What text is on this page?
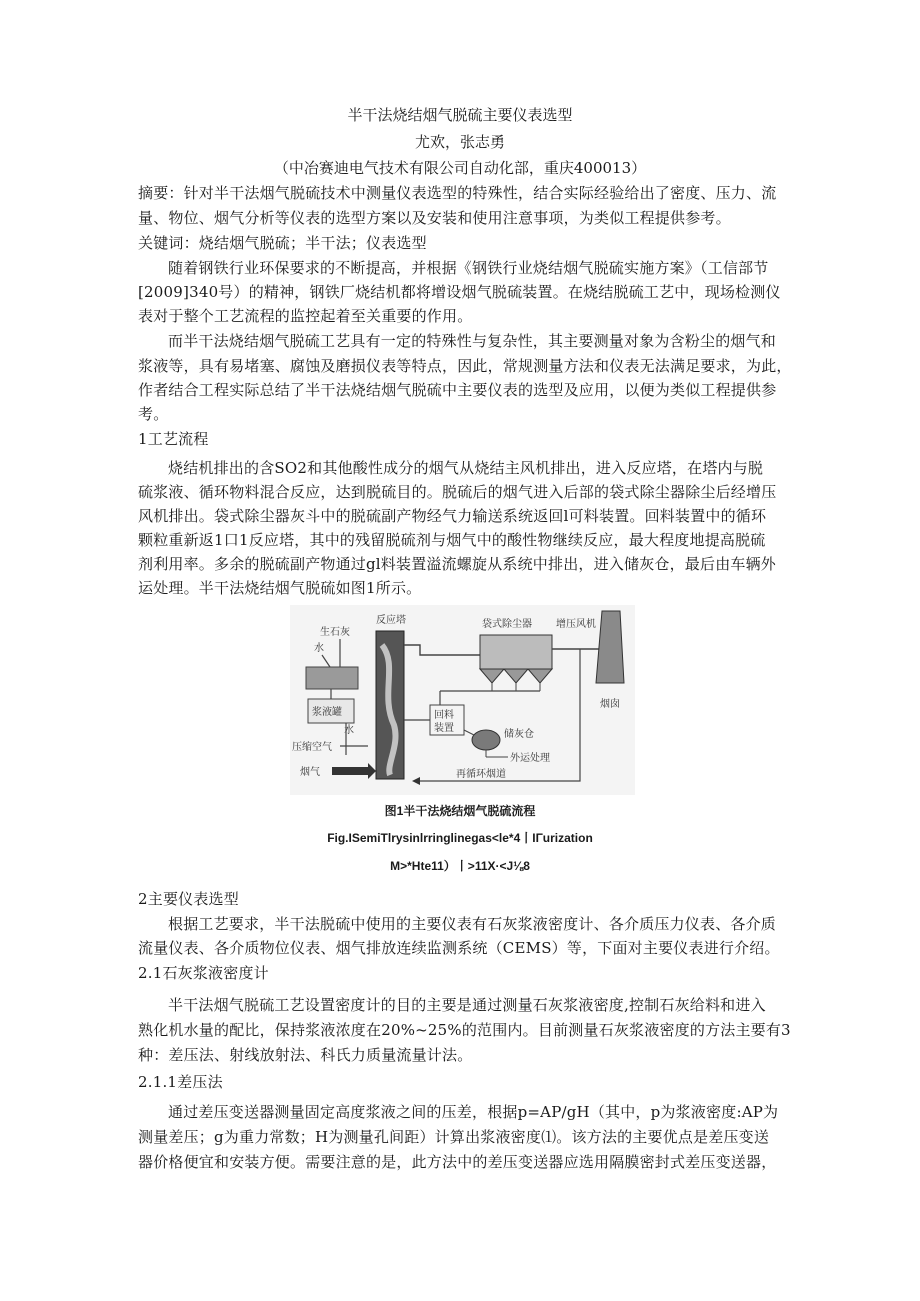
半干法烧结烟气脱硫主要仪表选型
尤欢，张志勇
（中冶赛迪电气技术有限公司自动化部，重庆400013）
摘要：针对半干法烟气脱硫技术中测量仪表选型的特殊性，结合实际经验给出了密度、压力、流
量、物位、烟气分析等仪表的选型方案以及安装和使用注意事项，为类似工程提供参考。
关键词：烧结烟气脱硫；半干法；仪表选型
随着钢铁行业环保要求的不断提高，并根据《钢铁行业烧结烟气脱硫实施方案》（工信部节
[2009]340号）的精神，钢铁厂烧结机都将增设烟气脱硫装置。在烧结脱硫工艺中，现场检测仪
表对于整个工艺流程的监控起着至关重要的作用。
而半干法烧结烟气脱硫工艺具有一定的特殊性与复杂性，其主要测量对象为含粉尘的烟气和
浆液等，具有易堵塞、腐蚀及磨损仪表等特点，因此，常规测量方法和仪表无法满足要求，为此，
作者结合工程实际总结了半干法烧结烟气脱硫中主要仪表的选型及应用，以便为类似工程提供参
考。
1工艺流程
烧结机排出的含SO2和其他酸性成分的烟气从烧结主风机排出，进入反应塔，在塔内与脱
硫浆液、循环物料混合反应，达到脱硫目的。脱硫后的烟气进入后部的袋式除尘器除尘后经增压
风机排出。袋式除尘器灰斗中的脱硫副产物经气力输送系统返回l可料装置。回料装置中的循环
颗粒重新返1口1反应塔，其中的残留脱硫剂与烟气中的酸性物继续反应，最大程度地提高脱硫
剂利用率。多余的脱硫副产物通过gl料装置溢流螺旋从系统中排出，进入储灰仓，最后由车辆外
运处理。半干法烧结烟气脱硫如图1所示。
生石灰
水
浆液罐
水
压缩空气
烟气
反应塔	袋式除尘器 增压风机
烟囱
回料
装置
储灰仓
外运处理
再循环烟道
图1半干法烧结烟气脱硫流程
Fig.ISemiTlrysinlrringlinegas<le*4丨IΓurization
M>*Hte11）丨>11X·<J⅛8
2主要仪表选型
根据工艺要求，半干法脱硫中使用的主要仪表有石灰浆液密度计、各介质压力仪表、各介质
流量仪表、各介质物位仪表、烟气排放连续监测系统（CEMS）等，下面对主要仪表进行介绍。
2.1石灰浆液密度计
半干法烟气脱硫工艺设置密度计的目的主要是通过测量石灰浆液密度,控制石灰给料和进入
熟化机水量的配比，保持浆液浓度在20%~25%的范围内。目前测量石灰浆液密度的方法主要有3
种：差压法、射线放射法、科氏力质量流量计法。
2.1.1差压法
通过差压变送器测量固定高度浆液之间的压差，根据p=AP∕gH（其中，p为浆液密度:AP为
测量差压；g为重力常数；H为测量孔间距）计算出浆液密度⑴。该方法的主要优点是差压变送
器价格便宜和安装方便。需要注意的是，此方法中的差压变送器应选用隔膜密封式差压变送器，
